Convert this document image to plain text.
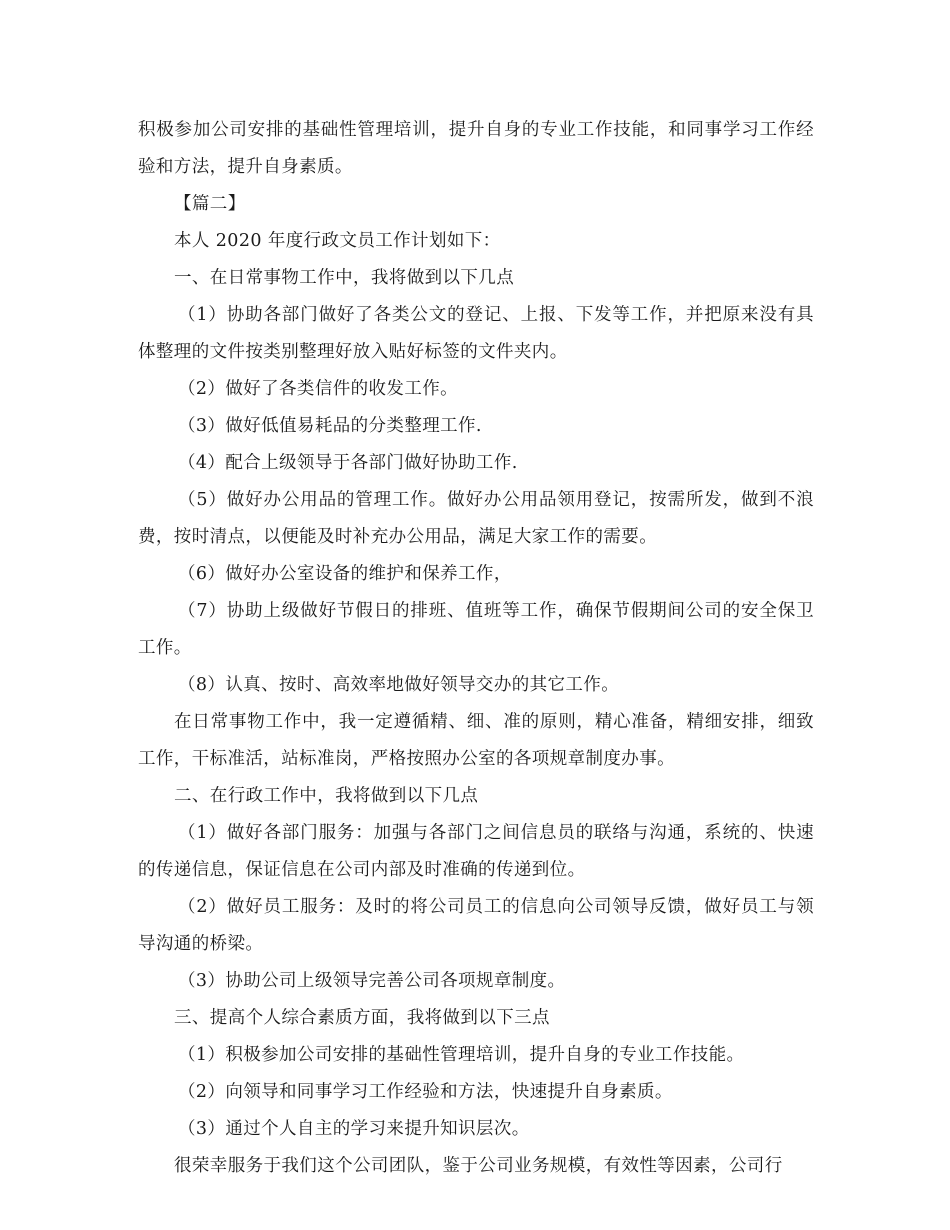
积极参加公司安排的基础性管理培训，提升自身的专业工作技能，和同事学习工作经验和方法，提升自身素质。

【篇二】

本人 2020 年度行政文员工作计划如下：

一、在日常事物工作中，我将做到以下几点

（1）协助各部门做好了各类公文的登记、上报、下发等工作，并把原来没有具体整理的文件按类别整理好放入贴好标签的文件夹内。

（2）做好了各类信件的收发工作。

（3）做好低值易耗品的分类整理工作.

（4）配合上级领导于各部门做好协助工作.

（5）做好办公用品的管理工作。做好办公用品领用登记，按需所发，做到不浪费，按时清点，以便能及时补充办公用品，满足大家工作的需要。

（6）做好办公室设备的维护和保养工作，

（7）协助上级做好节假日的排班、值班等工作，确保节假期间公司的安全保卫工作。

（8）认真、按时、高效率地做好领导交办的其它工作。

在日常事物工作中，我一定遵循精、细、准的原则，精心准备，精细安排，细致工作，干标准活，站标准岗，严格按照办公室的各项规章制度办事。

二、在行政工作中，我将做到以下几点

（1）做好各部门服务：加强与各部门之间信息员的联络与沟通，系统的、快速的传递信息，保证信息在公司内部及时准确的传递到位。

（2）做好员工服务：及时的将公司员工的信息向公司领导反馈，做好员工与领导沟通的桥梁。

（3）协助公司上级领导完善公司各项规章制度。

三、提高个人综合素质方面，我将做到以下三点

（1）积极参加公司安排的基础性管理培训，提升自身的专业工作技能。

（2）向领导和同事学习工作经验和方法，快速提升自身素质。

（3）通过个人自主的学习来提升知识层次。

很荣幸服务于我们这个公司团队，鉴于公司业务规模，有效性等因素，公司行
